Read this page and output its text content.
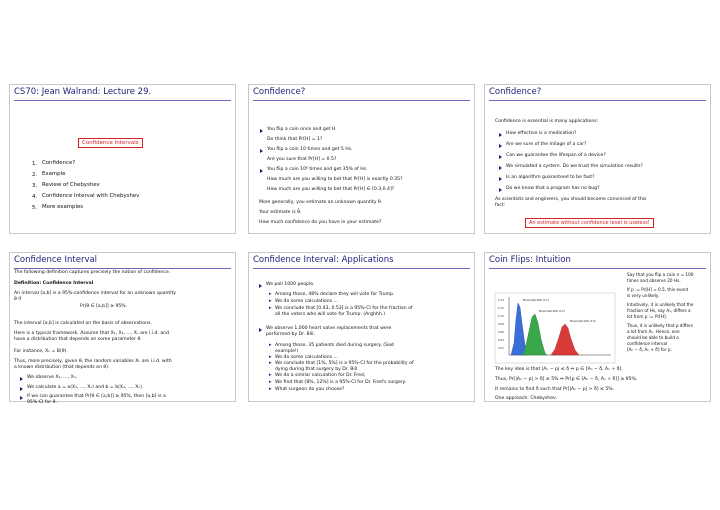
CS70: Jean Walrand: Lecture 29.
Confidence Intervals
1. Confidence?
2. Example
3. Review of Chebyshev
4. Confidence Interval with Chebyshev
5. More examples
Confidence?
You flip a coin once and get H.
Do think that Pr[H] = 1?
You flip a coin 10 times and get 5 Hs.
Are you sure that Pr[H] = 0.5?
You flip a coin 10⁶ times and get 35% of Hs.
How much are you willing to bet that Pr[H] is exactly 0.35?
How much are you willing to bet that Pr[H] ∈ [0.3,0.4]?
More generally, you estimate an unknown quantity θ.
Your estimate is θ̂.
How much confidence do you have in your estimate?
Confidence?
Confidence is essential is many applications:
How effective is a medication?
Are we sure of the milage of a car?
Can we guarantee the lifespan of a device?
We simulated a system. Do we trust the simulation results?
Is an algorithm guaranteed to be fast?
Do we know that a program has no bug?
As scientists and engineers, you should become convinced of this
fact:
An estimate without confidence level is useless!
Confidence Interval
The following definition captures precisely the notion of confidence.
Definition: Confidence Interval
An interval [a,b] is a 95%-confidence interval for an unknown quantity
θ if
Pr[θ ∈ [a,b]] ≥ 95%.
The interval [a,b] is calculated on the basis of observations.
Here is a typical framework. Assume that X₁, X₂, ..., Xₙ are i.i.d. and
have a distribution that depends on some parameter θ.
For instance, Xₙ = B(θ).
Thus, more precisely, given θ, the random variables Xₙ are i.i.d. with
a known distribution (that depends on θ).
We observe X₁, ..., Xₙ.
We calculate a = a(X₁, ..., Xₙ) and b = b(X₁, ..., Xₙ).
If we can guarantee that Pr[θ ∈ [a,b]] ≥ 95%, then [a,b] is a
95%-CI for θ.
Confidence Interval: Applications
We poll 1000 people.
▸ Among those, 48% declare they will vote for Trump.
▸ We do some calculations ...
▸ We conclude that [0.43, 0.53] is a 95%-CI for the fraction of
all the voters who will vote for Trump. (Arghhh.)
We observe 1,000 heart valve replacements that were
performed by Dr. Bill.
▸ Among those, 35 patients died during surgery. (Sad
example!)
▸ We do some calculations ...
▸ We conclude that [1%, 5%] is a 95%-CI for the probability of
dying during that surgery by Dr. Bill.
▸ We do a similar calculation for Dr. Fred,
▸ We find that [8%, 12%] is a 95%-CI for Dr. Fred's surgery.
▸ What surgeon do you choose?
Coin Flips: Intuition
0.14
0.12
0.10
0.08
0.06
0.04
0.02
Binomial(100, 0.1)
Binomial(100, 0.2)
Binomial(100, 0.5)
Say that you flip a coin n = 100
times and observe 20 Hs.
If p := Pr[H] = 0.5, this event
is very unlikely.
Intuitively, it is unlikely that the
fraction of Hs, say Aₙ, differs a
lot from p := Pr[H].
Thus, it is unlikely that p differs
a lot from Aₙ. Hence, one
should be able to build a
confidence interval
[Aₙ − δ, Aₙ + δ] for p.
The key idea is that |Aₙ − p| ≤ δ ⇔ p ∈ [Aₙ − δ, Aₙ + δ].
Thus, Pr[|Aₙ − p| > δ] ≤ 5% ⇔ Pr[p ∈ [Aₙ − δ, Aₙ + δ]] ≥ 95%.
It remains to find δ such that Pr[|Aₙ − p| > δ] ≤ 5%.
One approach: Chebyshev.
